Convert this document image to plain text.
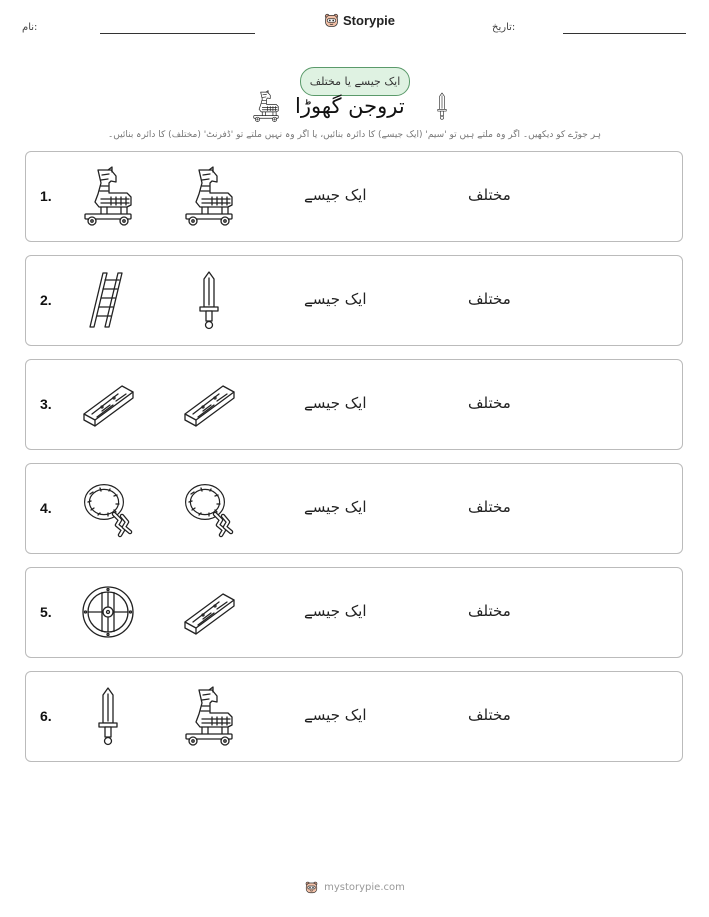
نام:	Storypie	تاریخ:
ایک جیسے یا مختلف
تروجن گھوڑا
ہر جوڑے کو دیکھیں۔ اگر وہ ملتے ہیں تو 'سیم' (ایک جیسے) کا دائرہ بنائیں، یا اگر وہ نہیں ملتے تو 'ڈفرنٹ' (مختلف) کا دائرہ بنائیں۔
1.	ایک جیسے	مختلف
2.	ایک جیسے	مختلف
3.	ایک جیسے	مختلف
4.	ایک جیسے	مختلف
5.	ایک جیسے	مختلف
6.	ایک جیسے	مختلف
mystorypie.com
